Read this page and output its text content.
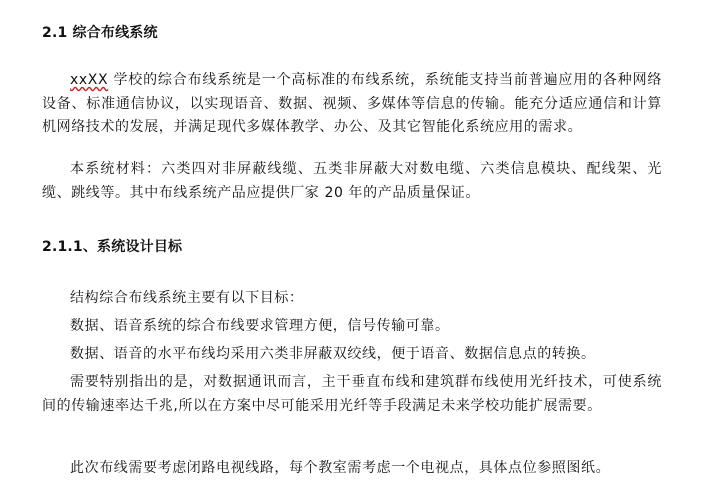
2.1 综合布线系统
xxXX 学校的综合布线系统是一个高标准的布线系统，系统能支持当前普遍应用的各种网络设备、标准通信协议，以实现语音、数据、视频、多媒体等信息的传输。能充分适应通信和计算机网络技术的发展，并满足现代多媒体教学、办公、及其它智能化系统应用的需求。
本系统材料：六类四对非屏蔽线缆、五类非屏蔽大对数电缆、六类信息模块、配线架、光缆、跳线等。其中布线系统产品应提供厂家 20 年的产品质量保证。
2.1.1、系统设计目标
结构综合布线系统主要有以下目标：
数据、语音系统的综合布线要求管理方便，信号传输可靠。
数据、语音的水平布线均采用六类非屏蔽双绞线，便于语音、数据信息点的转换。
需要特别指出的是，对数据通讯而言，主干垂直布线和建筑群布线使用光纤技术，可使系统间的传输速率达千兆,所以在方案中尽可能采用光纤等手段满足未来学校功能扩展需要。
此次布线需要考虑闭路电视线路，每个教室需考虑一个电视点，具体点位参照图纸。
